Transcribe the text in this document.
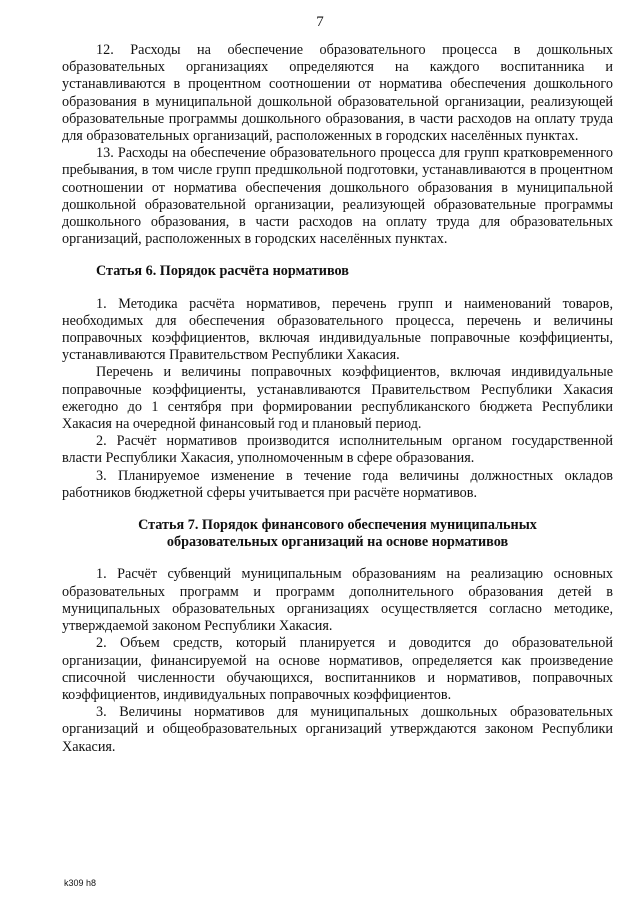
7

12. Расходы на обеспечение образовательного процесса в дошкольных образовательных организациях определяются на каждого воспитанника и устанавливаются в процентном соотношении от норматива обеспечения дошкольного образования в муниципальной дошкольной образовательной организации, реализующей образовательные программы дошкольного образования, в части расходов на оплату труда для образовательных организаций, расположенных в городских населённых пунктах.

13. Расходы на обеспечение образовательного процесса для групп кратковременного пребывания, в том числе групп предшкольной подготовки, устанавливаются в процентном соотношении от норматива обеспечения дошкольного образования в муниципальной дошкольной образовательной организации, реализующей образовательные программы дошкольного образования, в части расходов на оплату труда для образовательных организаций, расположенных в городских населённых пунктах.

Статья 6. Порядок расчёта нормативов

1. Методика расчёта нормативов, перечень групп и наименований товаров, необходимых для обеспечения образовательного процесса, перечень и величины поправочных коэффициентов, включая индивидуальные поправочные коэффициенты, устанавливаются Правительством Республики Хакасия.

Перечень и величины поправочных коэффициентов, включая индивидуальные поправочные коэффициенты, устанавливаются Правительством Республики Хакасия ежегодно до 1 сентября при формировании республиканского бюджета Республики Хакасия на очередной финансовый год и плановый период.

2. Расчёт нормативов производится исполнительным органом государственной власти Республики Хакасия, уполномоченным в сфере образования.

3. Планируемое изменение в течение года величины должностных окладов работников бюджетной сферы учитывается при расчёте нормативов.

Статья 7. Порядок финансового обеспечения муниципальных
образовательных организаций на основе нормативов

1. Расчёт субвенций муниципальным образованиям на реализацию основных образовательных программ и программ дополнительного образования детей в муниципальных образовательных организациях осуществляется согласно методике, утверждаемой законом Республики Хакасия.

2. Объем средств, который планируется и доводится до образовательной организации, финансируемой на основе нормативов, определяется как произведение списочной численности обучающихся, воспитанников и нормативов, поправочных коэффициентов, индивидуальных поправочных коэффициентов.

3. Величины нормативов для муниципальных дошкольных образовательных организаций и общеобразовательных организаций утверждаются законом Республики Хакасия.

k309 h8
